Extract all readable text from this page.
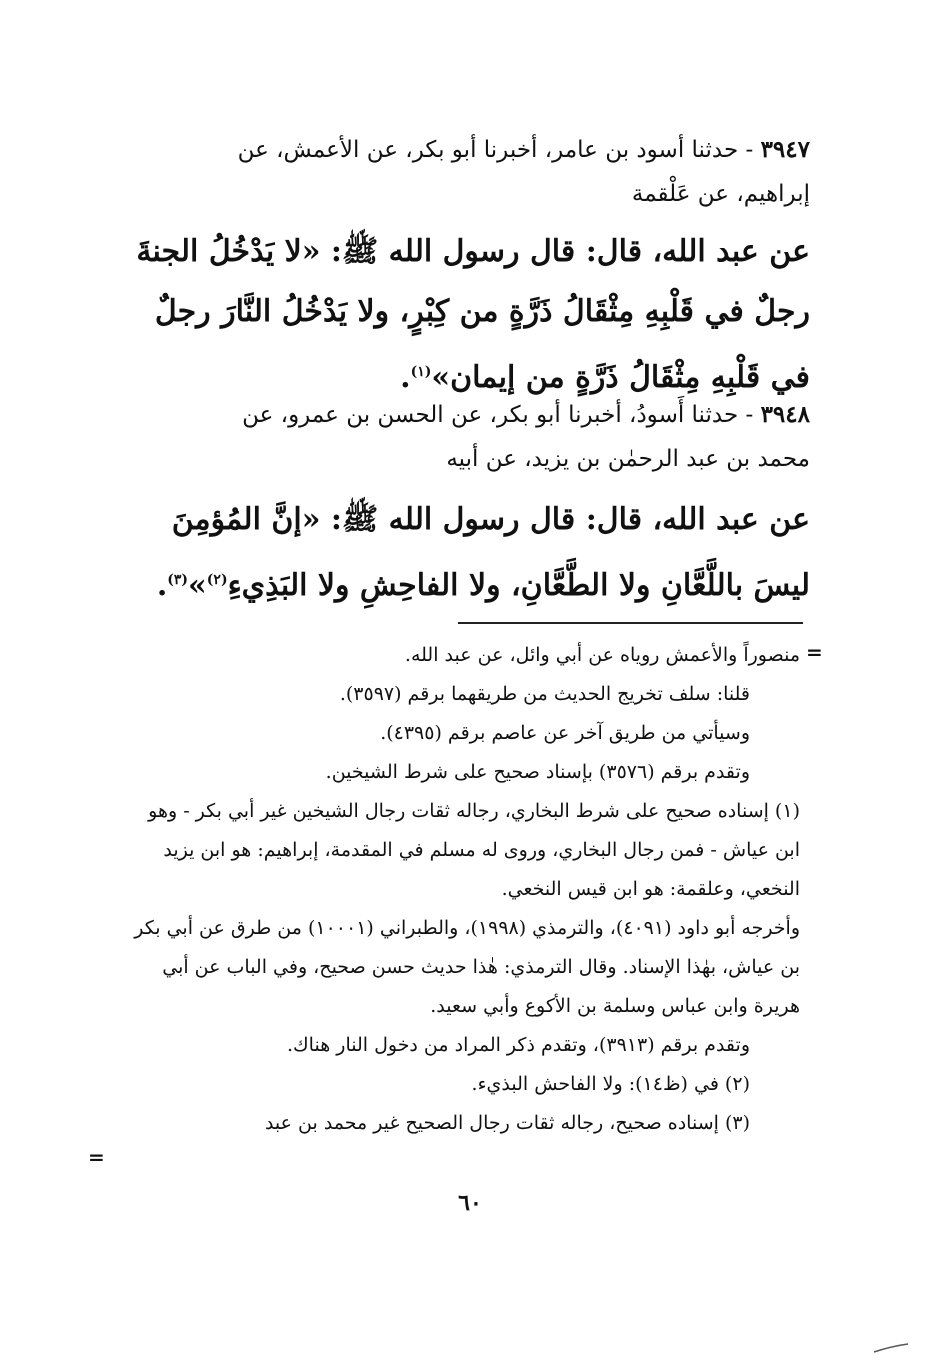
٣٩٤٧ - حدثنا أسود بن عامر، أخبرنا أبو بكر، عن الأعمش، عن
إبراهيم، عن عَلْقمة
عن عبد الله، قال: قال رسول الله ﷺ: «لا يَدْخُلُ الجنةَ رجلٌ في قَلْبِهِ مِثْقَالُ ذَرَّةٍ من كِبْرٍ، ولا يَدْخُلُ النَّارَ رجلٌ في قَلْبِهِ مِثْقَالُ ذَرَّةٍ من إيمان»$^{(١)}$.
٣٩٤٨ - حدثنا أَسودُ، أخبرنا أبو بكر، عن الحسن بن عمرو، عن
محمد بن عبد الرحمٰن بن يزيد، عن أبيه
عن عبد الله، قال: قال رسول الله ﷺ: «إنَّ المُؤمِنَ ليسَ باللَّعَّانِ ولا الطَّعَّانِ، ولا الفاحِشِ ولا البَذِيءِ$^{(٢)}$»$^{(٣)}$.
=
منصوراً والأعمش روياه عن أبي وائل، عن عبد الله.
قلنا: سلف تخريج الحديث من طريقهما برقم (٣٥٩٧).
وسيأتي من طريق آخر عن عاصم برقم (٤٣٩٥).
وتقدم برقم (٣٥٧٦) بإسناد صحيح على شرط الشيخين.
(١) إسناده صحيح على شرط البخاري، رجاله ثقات رجال الشيخين غير أبي بكر - وهو ابن عياش - فمن رجال البخاري، وروى له مسلم في المقدمة، إبراهيم: هو ابن يزيد النخعي، وعلقمة: هو ابن قيس النخعي.
وأخرجه أبو داود (٤٠٩١)، والترمذي (١٩٩٨)، والطبراني (١٠٠٠١) من طرق عن أبي بكر بن عياش، بهٰذا الإسناد. وقال الترمذي: هٰذا حديث حسن صحيح، وفي الباب عن أبي هريرة وابن عباس وسلمة بن الأكوع وأبي سعيد.
وتقدم برقم (٣٩١٣)، وتقدم ذكر المراد من دخول النار هناك.
(٢) في (ظ١٤): ولا الفاحش البذيء.
(٣) إسناده صحيح، رجاله ثقات رجال الصحيح غير محمد بن عبد
=
٦٠
